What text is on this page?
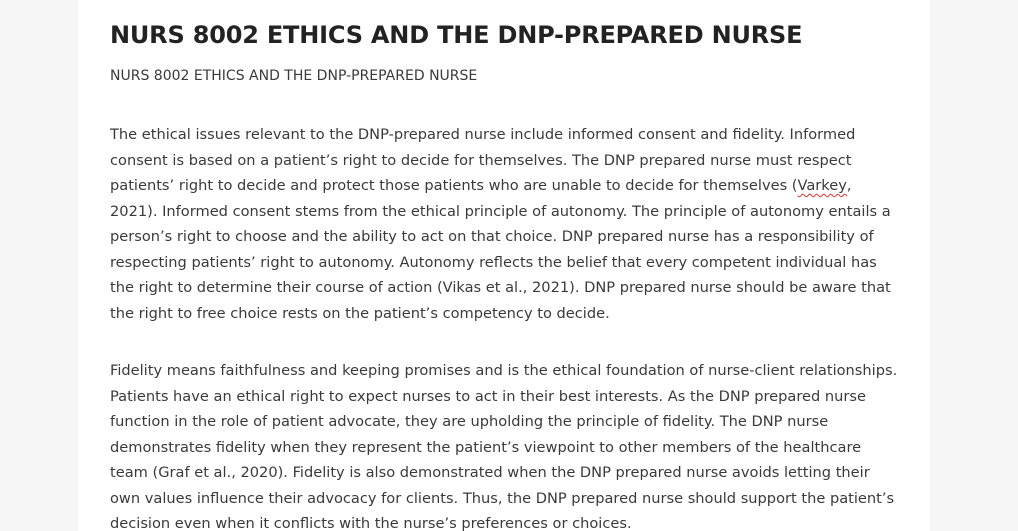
NURS 8002 ETHICS AND THE DNP-PREPARED NURSE
NURS 8002 ETHICS AND THE DNP-PREPARED NURSE

The ethical issues relevant to the DNP-prepared nurse include informed consent and fidelity. Informed consent is based on a patient’s right to decide for themselves. The DNP prepared nurse must respect patients’ right to decide and protect those patients who are unable to decide for themselves (Varkey, 2021). Informed consent stems from the ethical principle of autonomy. The principle of autonomy entails a person’s right to choose and the ability to act on that choice. DNP prepared nurse has a responsibility of respecting patients’ right to autonomy. Autonomy reflects the belief that every competent individual has the right to determine their course of action (Vikas et al., 2021). DNP prepared nurse should be aware that the right to free choice rests on the patient’s competency to decide.

Fidelity means faithfulness and keeping promises and is the ethical foundation of nurse-client relationships. Patients have an ethical right to expect nurses to act in their best interests. As the DNP prepared nurse function in the role of patient advocate, they are upholding the principle of fidelity. The DNP nurse demonstrates fidelity when they represent the patient’s viewpoint to other members of the healthcare team (Graf et al., 2020). Fidelity is also demonstrated when the DNP prepared nurse avoids letting their own values influence their advocacy for clients. Thus, the DNP prepared nurse should support the patient’s decision even when it conflicts with the nurse’s preferences or choices.
